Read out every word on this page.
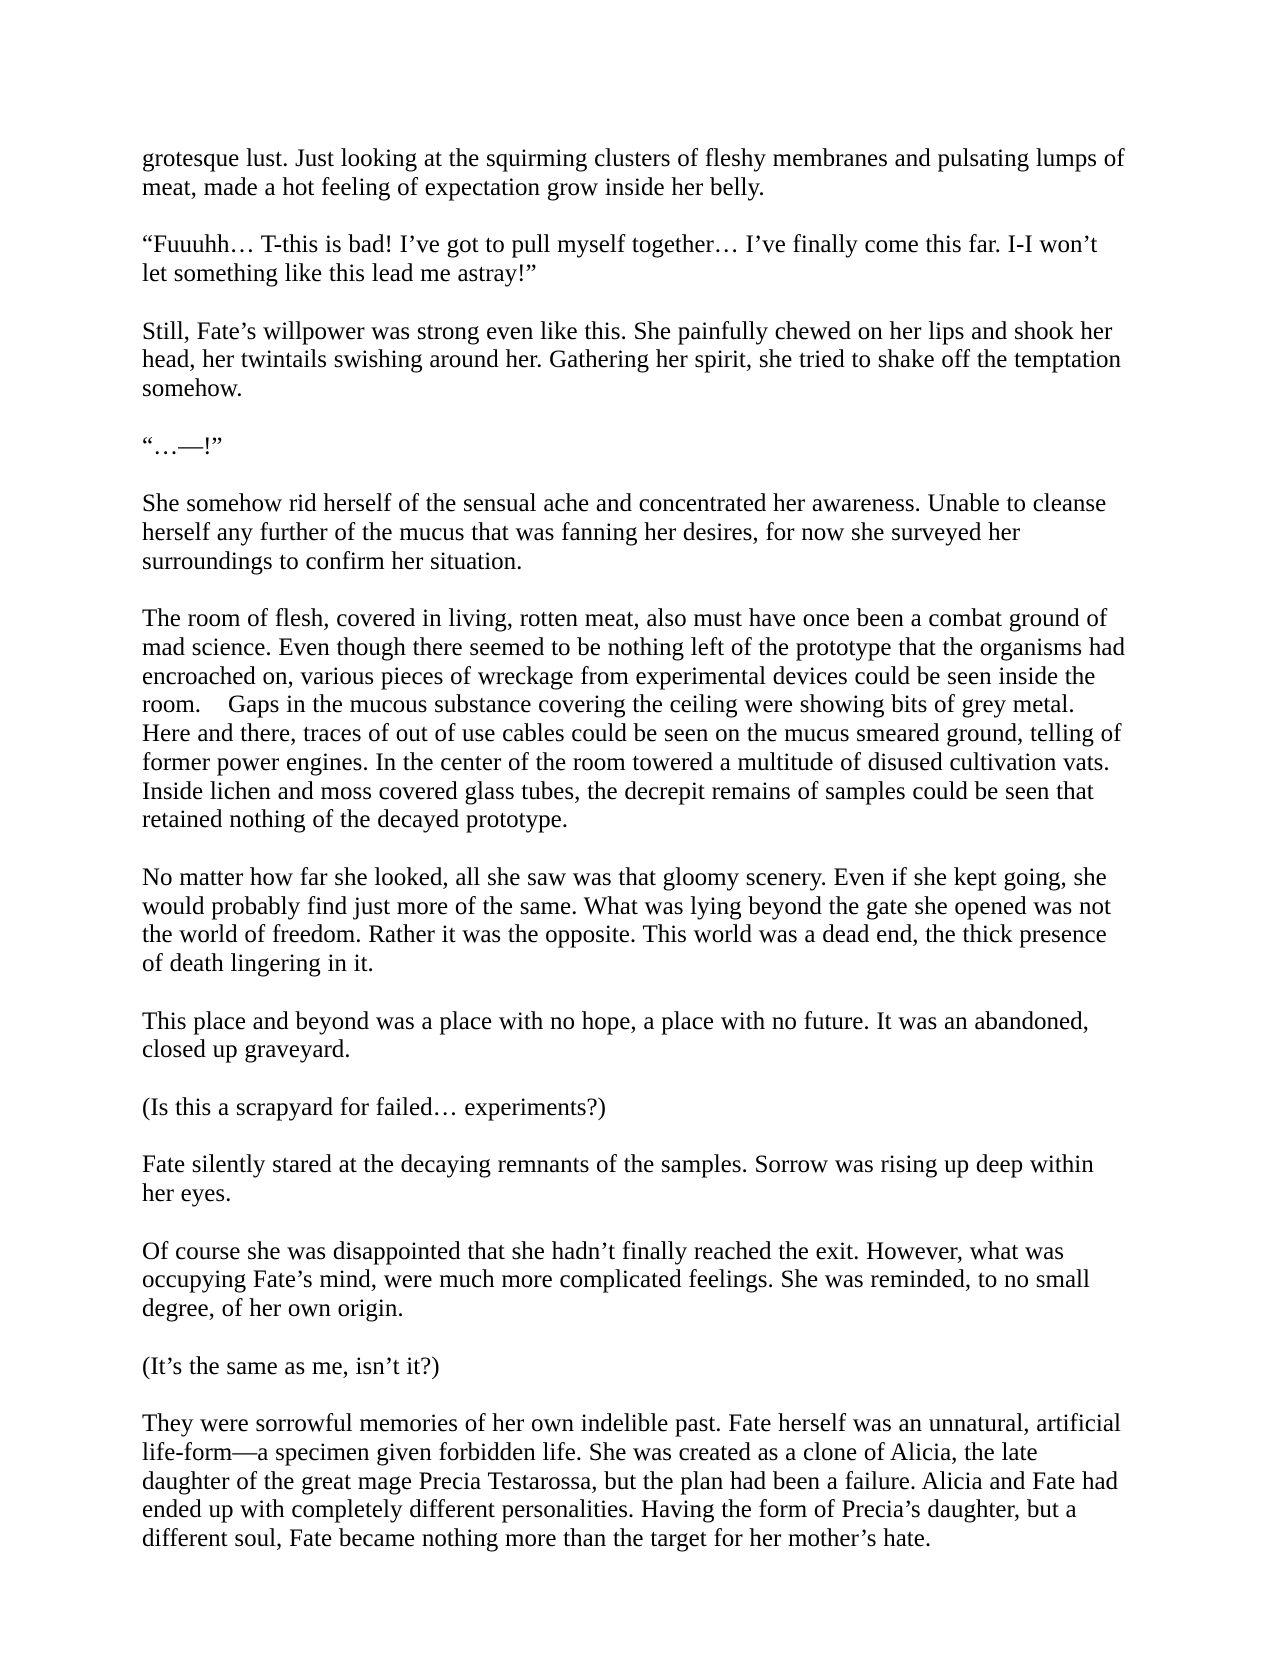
grotesque lust. Just looking at the squirming clusters of fleshy membranes and pulsating lumps of meat, made a hot feeling of expectation grow inside her belly.

“Fuuuhh… T-this is bad! I’ve got to pull myself together… I’ve finally come this far. I-I won’t let something like this lead me astray!”

Still, Fate’s willpower was strong even like this. She painfully chewed on her lips and shook her head, her twintails swishing around her. Gathering her spirit, she tried to shake off the temptation somehow.

“…—!”

She somehow rid herself of the sensual ache and concentrated her awareness. Unable to cleanse herself any further of the mucus that was fanning her desires, for now she surveyed her surroundings to confirm her situation.

The room of flesh, covered in living, rotten meat, also must have once been a combat ground of mad science. Even though there seemed to be nothing left of the prototype that the organisms had encroached on, various pieces of wreckage from experimental devices could be seen inside the room.    Gaps in the mucous substance covering the ceiling were showing bits of grey metal. Here and there, traces of out of use cables could be seen on the mucus smeared ground, telling of former power engines. In the center of the room towered a multitude of disused cultivation vats. Inside lichen and moss covered glass tubes, the decrepit remains of samples could be seen that retained nothing of the decayed prototype.

No matter how far she looked, all she saw was that gloomy scenery. Even if she kept going, she would probably find just more of the same. What was lying beyond the gate she opened was not the world of freedom. Rather it was the opposite. This world was a dead end, the thick presence of death lingering in it.

This place and beyond was a place with no hope, a place with no future. It was an abandoned, closed up graveyard.

(Is this a scrapyard for failed… experiments?)

Fate silently stared at the decaying remnants of the samples. Sorrow was rising up deep within her eyes.

Of course she was disappointed that she hadn’t finally reached the exit. However, what was occupying Fate’s mind, were much more complicated feelings. She was reminded, to no small degree, of her own origin.

(It’s the same as me, isn’t it?)

They were sorrowful memories of her own indelible past. Fate herself was an unnatural, artificial life-form—a specimen given forbidden life. She was created as a clone of Alicia, the late daughter of the great mage Precia Testarossa, but the plan had been a failure. Alicia and Fate had ended up with completely different personalities. Having the form of Precia’s daughter, but a different soul, Fate became nothing more than the target for her mother’s hate.
